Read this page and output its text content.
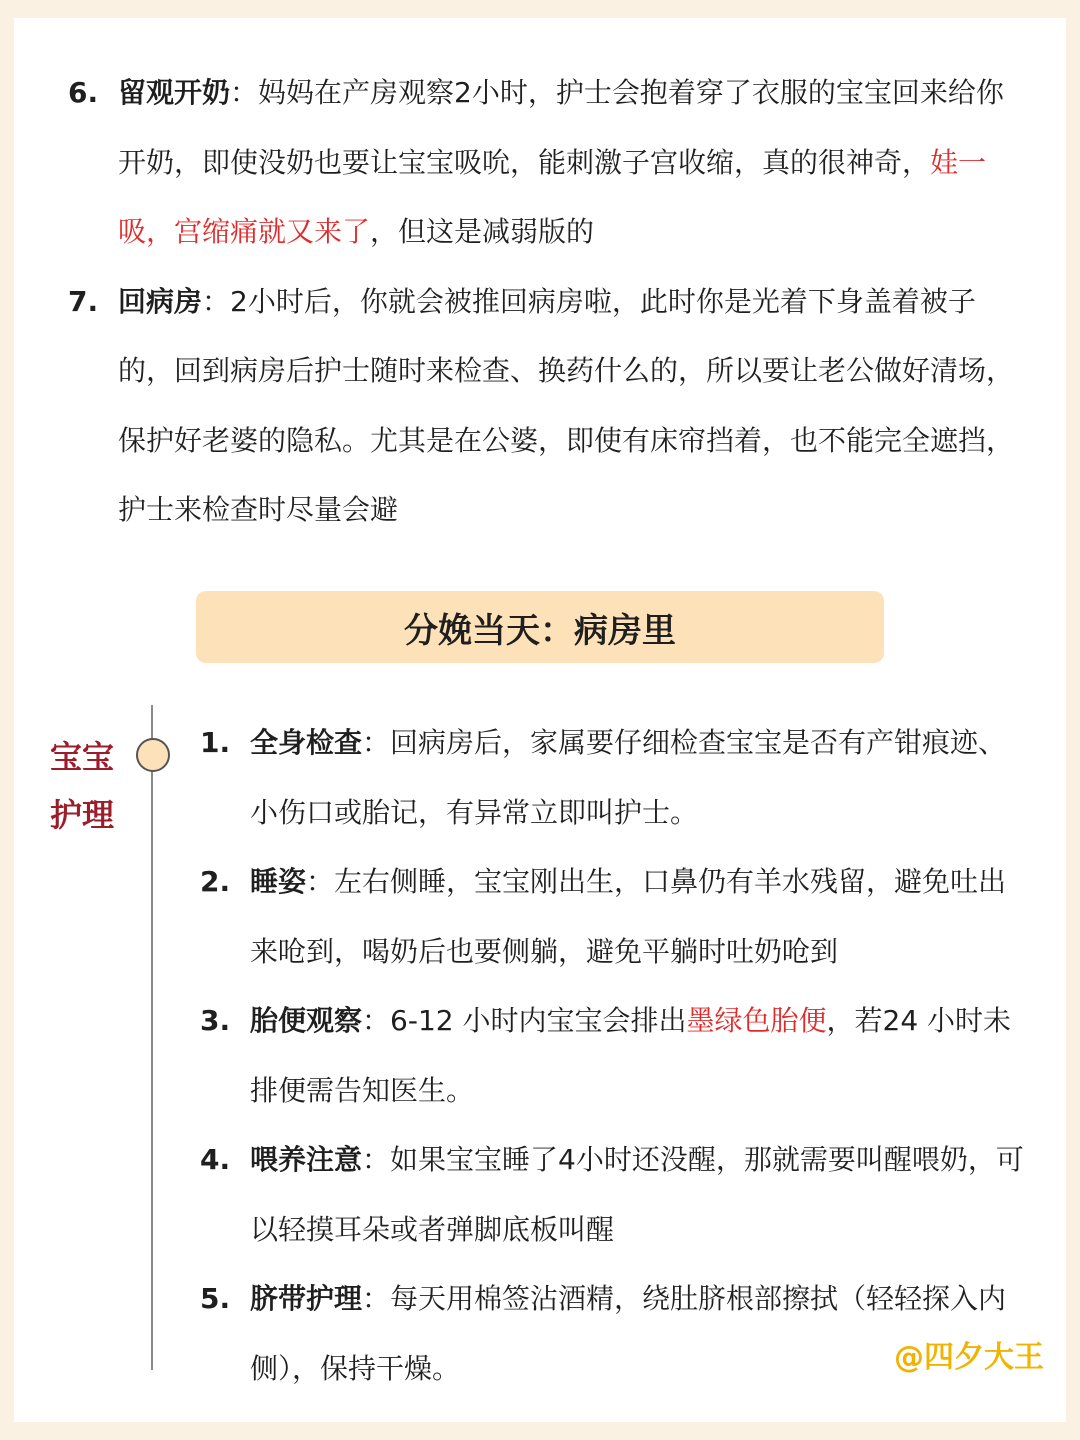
6. 留观开奶：妈妈在产房观察2小时，护士会抱着穿了衣服的宝宝回来给你开奶，即使没奶也要让宝宝吸吮，能刺激子宫收缩，真的很神奇，娃一吸，宫缩痛就又来了，但这是减弱版的
7. 回病房：2小时后，你就会被推回病房啦，此时你是光着下身盖着被子的，回到病房后护士随时来检查、换药什么的，所以要让老公做好清场，保护好老婆的隐私。尤其是在公婆，即使有床帘挡着，也不能完全遮挡，护士来检查时尽量会避
分娩当天：病房里
宝宝护理
1. 全身检查：回病房后，家属要仔细检查宝宝是否有产钳痕迹、小伤口或胎记，有异常立即叫护士。
2. 睡姿：左右侧睡，宝宝刚出生，口鼻仍有羊水残留，避免吐出来呛到，喝奶后也要侧躺，避免平躺时吐奶呛到
3. 胎便观察：6-12 小时内宝宝会排出墨绿色胎便，若24 小时未排便需告知医生。
4. 喂养注意：如果宝宝睡了4小时还没醒，那就需要叫醒喂奶，可以轻摸耳朵或者弹脚底板叫醒
5. 脐带护理：每天用棉签沾酒精，绕肚脐根部擦拭（轻轻探入内侧），保持干燥。	@四夕大王
